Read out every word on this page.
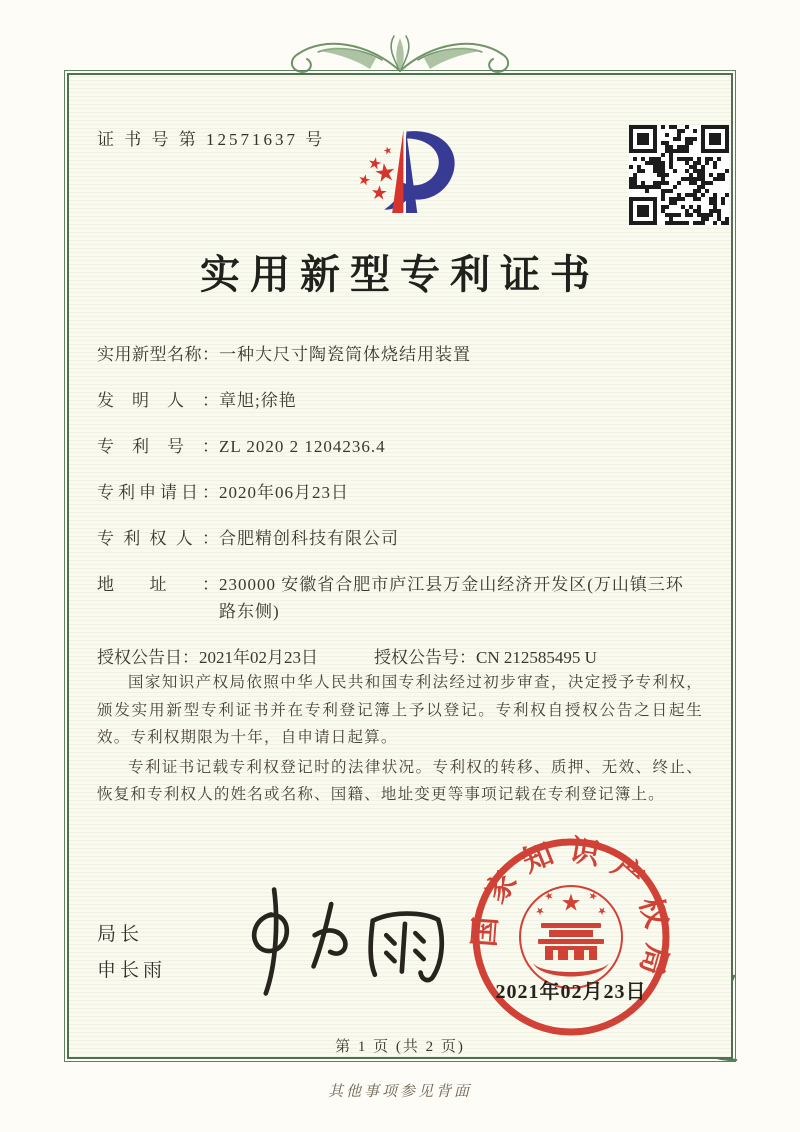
证 书 号 第 12571637 号
实用新型专利证书
实用新型名称： 一种大尺寸陶瓷筒体烧结用装置
发明人： 章旭;徐艳
专利号： ZL 2020 2 1204236.4
专利申请日： 2020年06月23日
专利权人： 合肥精创科技有限公司
地址： 230000 安徽省合肥市庐江县万金山经济开发区(万山镇三环路东侧)
授权公告日：2021年02月23日	授权公告号：CN 212585495 U

国家知识产权局依照中华人民共和国专利法经过初步审查，决定授予专利权，颁发实用新型专利证书并在专利登记簿上予以登记。专利权自授权公告之日起生效。专利权期限为十年，自申请日起算。

专利证书记载专利权登记时的法律状况。专利权的转移、质押、无效、终止、恢复和专利权人的姓名或名称、国籍、地址变更等事项记载在专利登记簿上。

局长
申长雨
国家知识产权局
2021年02月23日
第 1 页 (共 2 页)
其他事项参见背面
